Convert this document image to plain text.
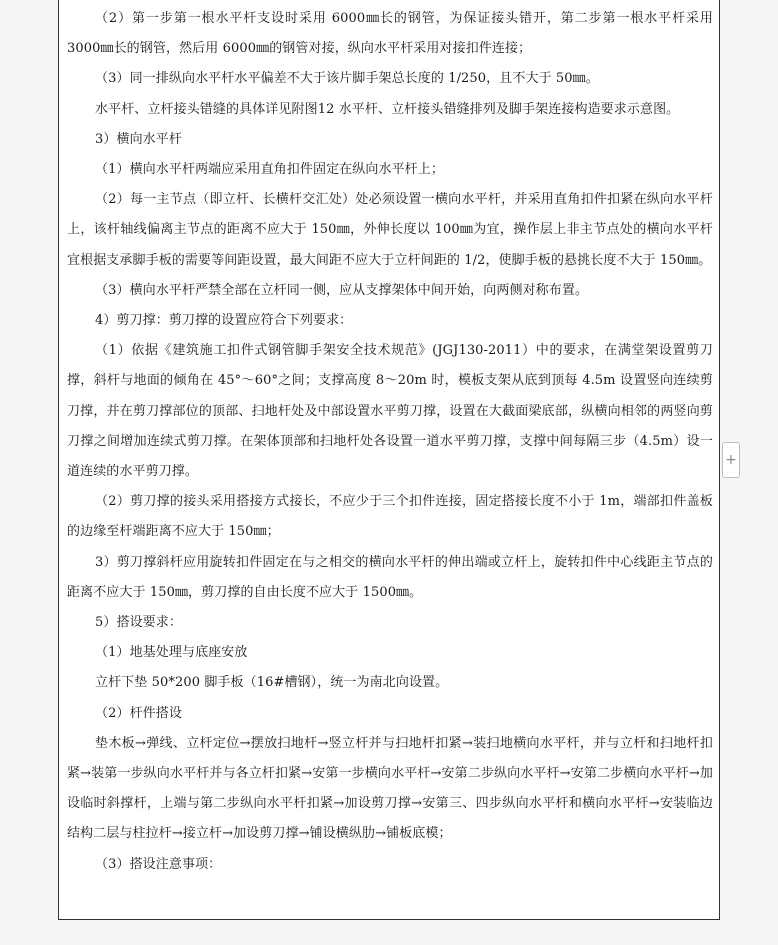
（2）第一步第一根水平杆支设时采用 6000㎜长的钢管，为保证接头错开，第二步第一根水平杆采用 3000㎜长的钢管，然后用 6000㎜的钢管对接，纵向水平杆采用对接扣件连接；

（3）同一排纵向水平杆水平偏差不大于该片脚手架总长度的 1/250，且不大于 50㎜。

水平杆、立杆接头错缝的具体详见附图12 水平杆、立杆接头错缝排列及脚手架连接构造要求示意图。

3）横向水平杆

（1）横向水平杆两端应采用直角扣件固定在纵向水平杆上；

（2）每一主节点（即立杆、长横杆交汇处）处必须设置一横向水平杆，并采用直角扣件扣紧在纵向水平杆上，该杆轴线偏离主节点的距离不应大于 150㎜，外伸长度以 100㎜为宜，操作层上非主节点处的横向水平杆宜根据支承脚手板的需要等间距设置，最大间距不应大于立杆间距的 1/2，使脚手板的悬挑长度不大于 150㎜。

（3）横向水平杆严禁全部在立杆同一侧，应从支撑架体中间开始，向两侧对称布置。

4）剪刀撑：剪刀撑的设置应符合下列要求：

（1）依据《建筑施工扣件式钢管脚手架安全技术规范》(JGJ130-2011）中的要求，在满堂架设置剪刀撑，斜杆与地面的倾角在 45°～60°之间；支撑高度 8～20m 时，模板支架从底到顶每 4.5m 设置竖向连续剪刀撑，并在剪刀撑部位的顶部、扫地杆处及中部设置水平剪刀撑，设置在大截面梁底部，纵横向相邻的两竖向剪刀撑之间增加连续式剪刀撑。在架体顶部和扫地杆处各设置一道水平剪刀撑，支撑中间每隔三步（4.5m）设一道连续的水平剪刀撑。

（2）剪刀撑的接头采用搭接方式接长，不应少于三个扣件连接，固定搭接长度不小于 1m，端部扣件盖板的边缘至杆端距离不应大于 150㎜；

3）剪刀撑斜杆应用旋转扣件固定在与之相交的横向水平杆的伸出端或立杆上，旋转扣件中心线距主节点的距离不应大于 150㎜，剪刀撑的自由长度不应大于 1500㎜。

5）搭设要求：

（1）地基处理与底座安放

立杆下垫 50*200 脚手板（16#槽钢），统一为南北向设置。

（2）杆件搭设

垫木板→弹线、立杆定位→摆放扫地杆→竖立杆并与扫地杆扣紧→装扫地横向水平杆，并与立杆和扫地杆扣紧→装第一步纵向水平杆并与各立杆扣紧→安第一步横向水平杆→安第二步纵向水平杆→安第二步横向水平杆→加设临时斜撑杆，上端与第二步纵向水平杆扣紧→加设剪刀撑→安第三、四步纵向水平杆和横向水平杆→安装临边结构二层与柱拉杆→接立杆→加设剪刀撑→铺设横纵肋→铺板底模；

（3）搭设注意事项：

+
